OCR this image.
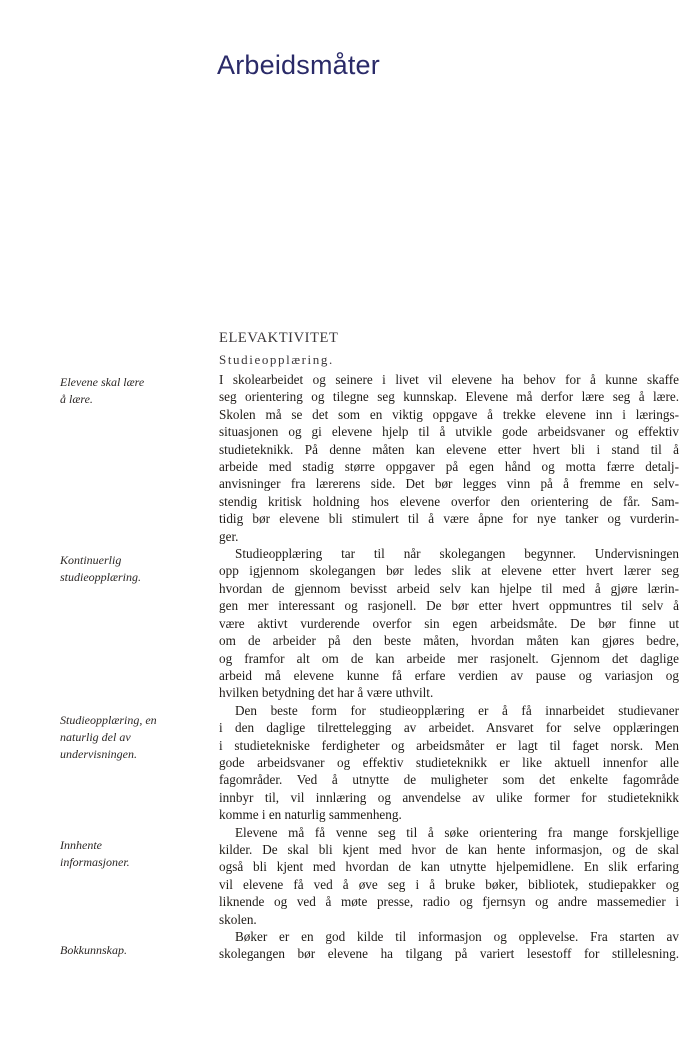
Arbeidsmåter
ELEVAKTIVITET
Studieopplæring.
Elevene skal lære
å lære.
Kontinuerlig
studieopplæring.
Studieopplæring, en
naturlig del av
undervisningen.
Innhente
informasjoner.
Bokkunnskap.
I skolearbeidet og seinere i livet vil elevene ha behov for å kunne skaffe
seg orientering og tilegne seg kunnskap. Elevene må derfor lære seg å lære.
Skolen må se det som en viktig oppgave å trekke elevene inn i lærings-
situasjonen og gi elevene hjelp til å utvikle gode arbeidsvaner og effektiv
studieteknikk. På denne måten kan elevene etter hvert bli i stand til å
arbeide med stadig større oppgaver på egen hånd og motta færre detalj-
anvisninger fra lærerens side. Det bør legges vinn på å fremme en selv-
stendig kritisk holdning hos elevene overfor den orientering de får. Sam-
tidig bør elevene bli stimulert til å være åpne for nye tanker og vurderin-
ger.
Studieopplæring tar til når skolegangen begynner. Undervisningen
opp igjennom skolegangen bør ledes slik at elevene etter hvert lærer seg
hvordan de gjennom bevisst arbeid selv kan hjelpe til med å gjøre lærin-
gen mer interessant og rasjonell. De bør etter hvert oppmuntres til selv å
være aktivt vurderende overfor sin egen arbeidsmåte. De bør finne ut
om de arbeider på den beste måten, hvordan måten kan gjøres bedre,
og framfor alt om de kan arbeide mer rasjonelt. Gjennom det daglige
arbeid må elevene kunne få erfare verdien av pause og variasjon og
hvilken betydning det har å være uthvilt.
Den beste form for studieopplæring er å få innarbeidet studievaner
i den daglige tilrettelegging av arbeidet. Ansvaret for selve opplæringen
i studietekniske ferdigheter og arbeidsmåter er lagt til faget norsk. Men
gode arbeidsvaner og effektiv studieteknikk er like aktuell innenfor alle
fagområder. Ved å utnytte de muligheter som det enkelte fagområde
innbyr til, vil innlæring og anvendelse av ulike former for studieteknikk
komme i en naturlig sammenheng.
Elevene må få venne seg til å søke orientering fra mange forskjellige
kilder. De skal bli kjent med hvor de kan hente informasjon, og de skal
også bli kjent med hvordan de kan utnytte hjelpemidlene. En slik erfaring
vil elevene få ved å øve seg i å bruke bøker, bibliotek, studiepakker og
liknende og ved å møte presse, radio og fjernsyn og andre massemedier i
skolen.
Bøker er en god kilde til informasjon og opplevelse. Fra starten av
skolegangen bør elevene ha tilgang på variert lesestoff for stillelesning.
